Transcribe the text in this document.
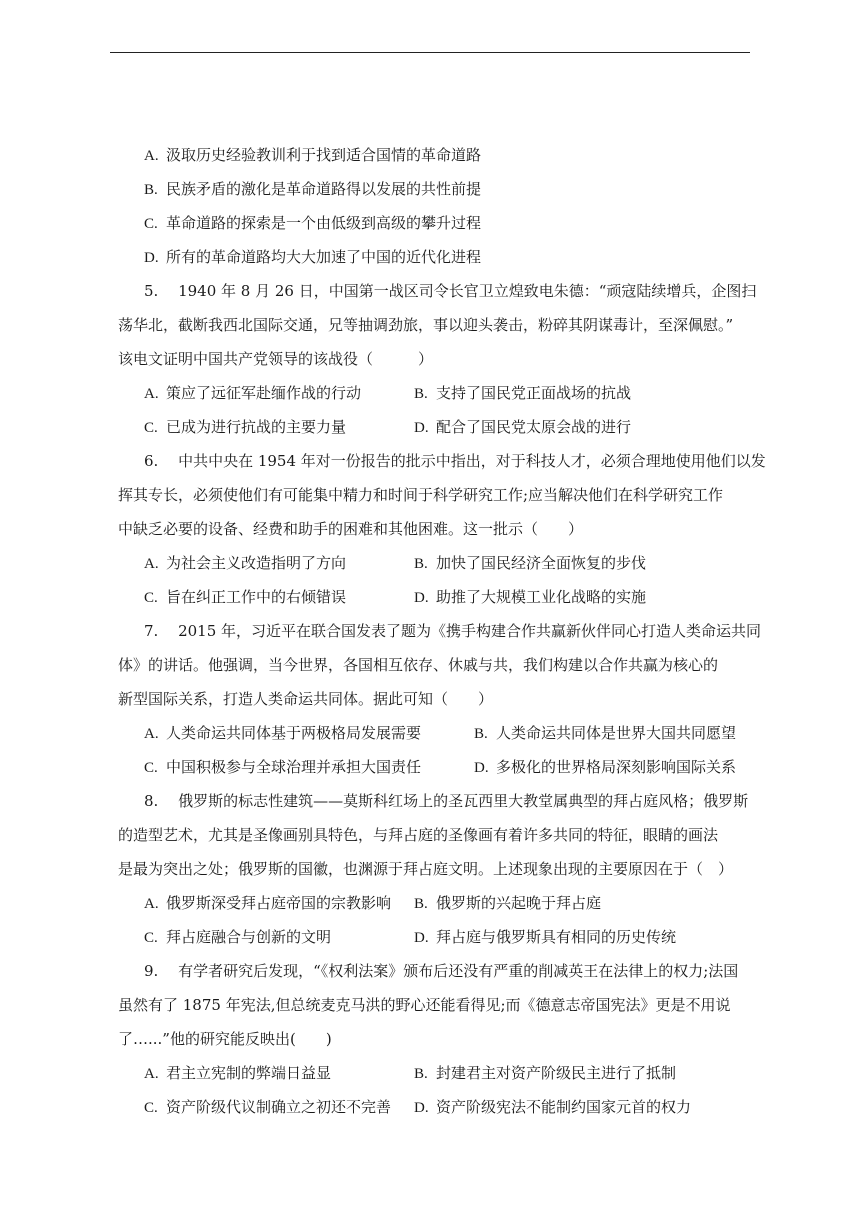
A. 汲取历史经验教训利于找到适合国情的革命道路
B. 民族矛盾的激化是革命道路得以发展的共性前提
C. 革命道路的探索是一个由低级到高级的攀升过程
D. 所有的革命道路均大大加速了中国的近代化进程
5.　 1940 年 8 月 26 日，中国第一战区司令长官卫立煌致电朱德：“顽寇陆续增兵，企图扫
荡华北，截断我西北国际交通，兄等抽调劲旅，事以迎头袭击，粉碎其阴谋毒计，至深佩慰。”
该电文证明中国共产党领导的该战役（　　　）
A. 策应了远征军赴缅作战的行动	B. 支持了国民党正面战场的抗战
C. 已成为进行抗战的主要力量	D. 配合了国民党太原会战的进行
6.　 中共中央在 1954 年对一份报告的批示中指出，对于科技人才，必须合理地使用他们以发
挥其专长，必须使他们有可能集中精力和时间于科学研究工作;应当解决他们在科学研究工作
中缺乏必要的设备、经费和助手的困难和其他困难。这一批示（　　）
A. 为社会主义改造指明了方向	B. 加快了国民经济全面恢复的步伐
C. 旨在纠正工作中的右倾错误	D. 助推了大规模工业化战略的实施
7.　 2015 年，习近平在联合国发表了题为《携手构建合作共赢新伙伴同心打造人类命运共同
体》的讲话。他强调，当今世界，各国相互依存、休戚与共，我们构建以合作共赢为核心的
新型国际关系，打造人类命运共同体。据此可知（　　）
A. 人类命运共同体基于两极格局发展需要	B. 人类命运共同体是世界大国共同愿望
C. 中国积极参与全球治理并承担大国责任	D. 多极化的世界格局深刻影响国际关系
8.　 俄罗斯的标志性建筑——莫斯科红场上的圣瓦西里大教堂属典型的拜占庭风格；俄罗斯
的造型艺术，尤其是圣像画别具特色，与拜占庭的圣像画有着许多共同的特征，眼睛的画法
是最为突出之处；俄罗斯的国徽，也渊源于拜占庭文明。上述现象出现的主要原因在于（　）
A. 俄罗斯深受拜占庭帝国的宗教影响 B. 俄罗斯的兴起晚于拜占庭
C. 拜占庭融合与创新的文明	D. 拜占庭与俄罗斯具有相同的历史传统
9.　 有学者研究后发现，“《权利法案》颁布后还没有严重的削减英王在法律上的权力;法国
虽然有了 1875 年宪法,但总统麦克马洪的野心还能看得见;而《德意志帝国宪法》更是不用说
了…...”他的研究能反映出(　　)
A. 君主立宪制的弊端日益显	B. 封建君主对资产阶级民主进行了抵制
C. 资产阶级代议制确立之初还不完善 D. 资产阶级宪法不能制约国家元首的权力
